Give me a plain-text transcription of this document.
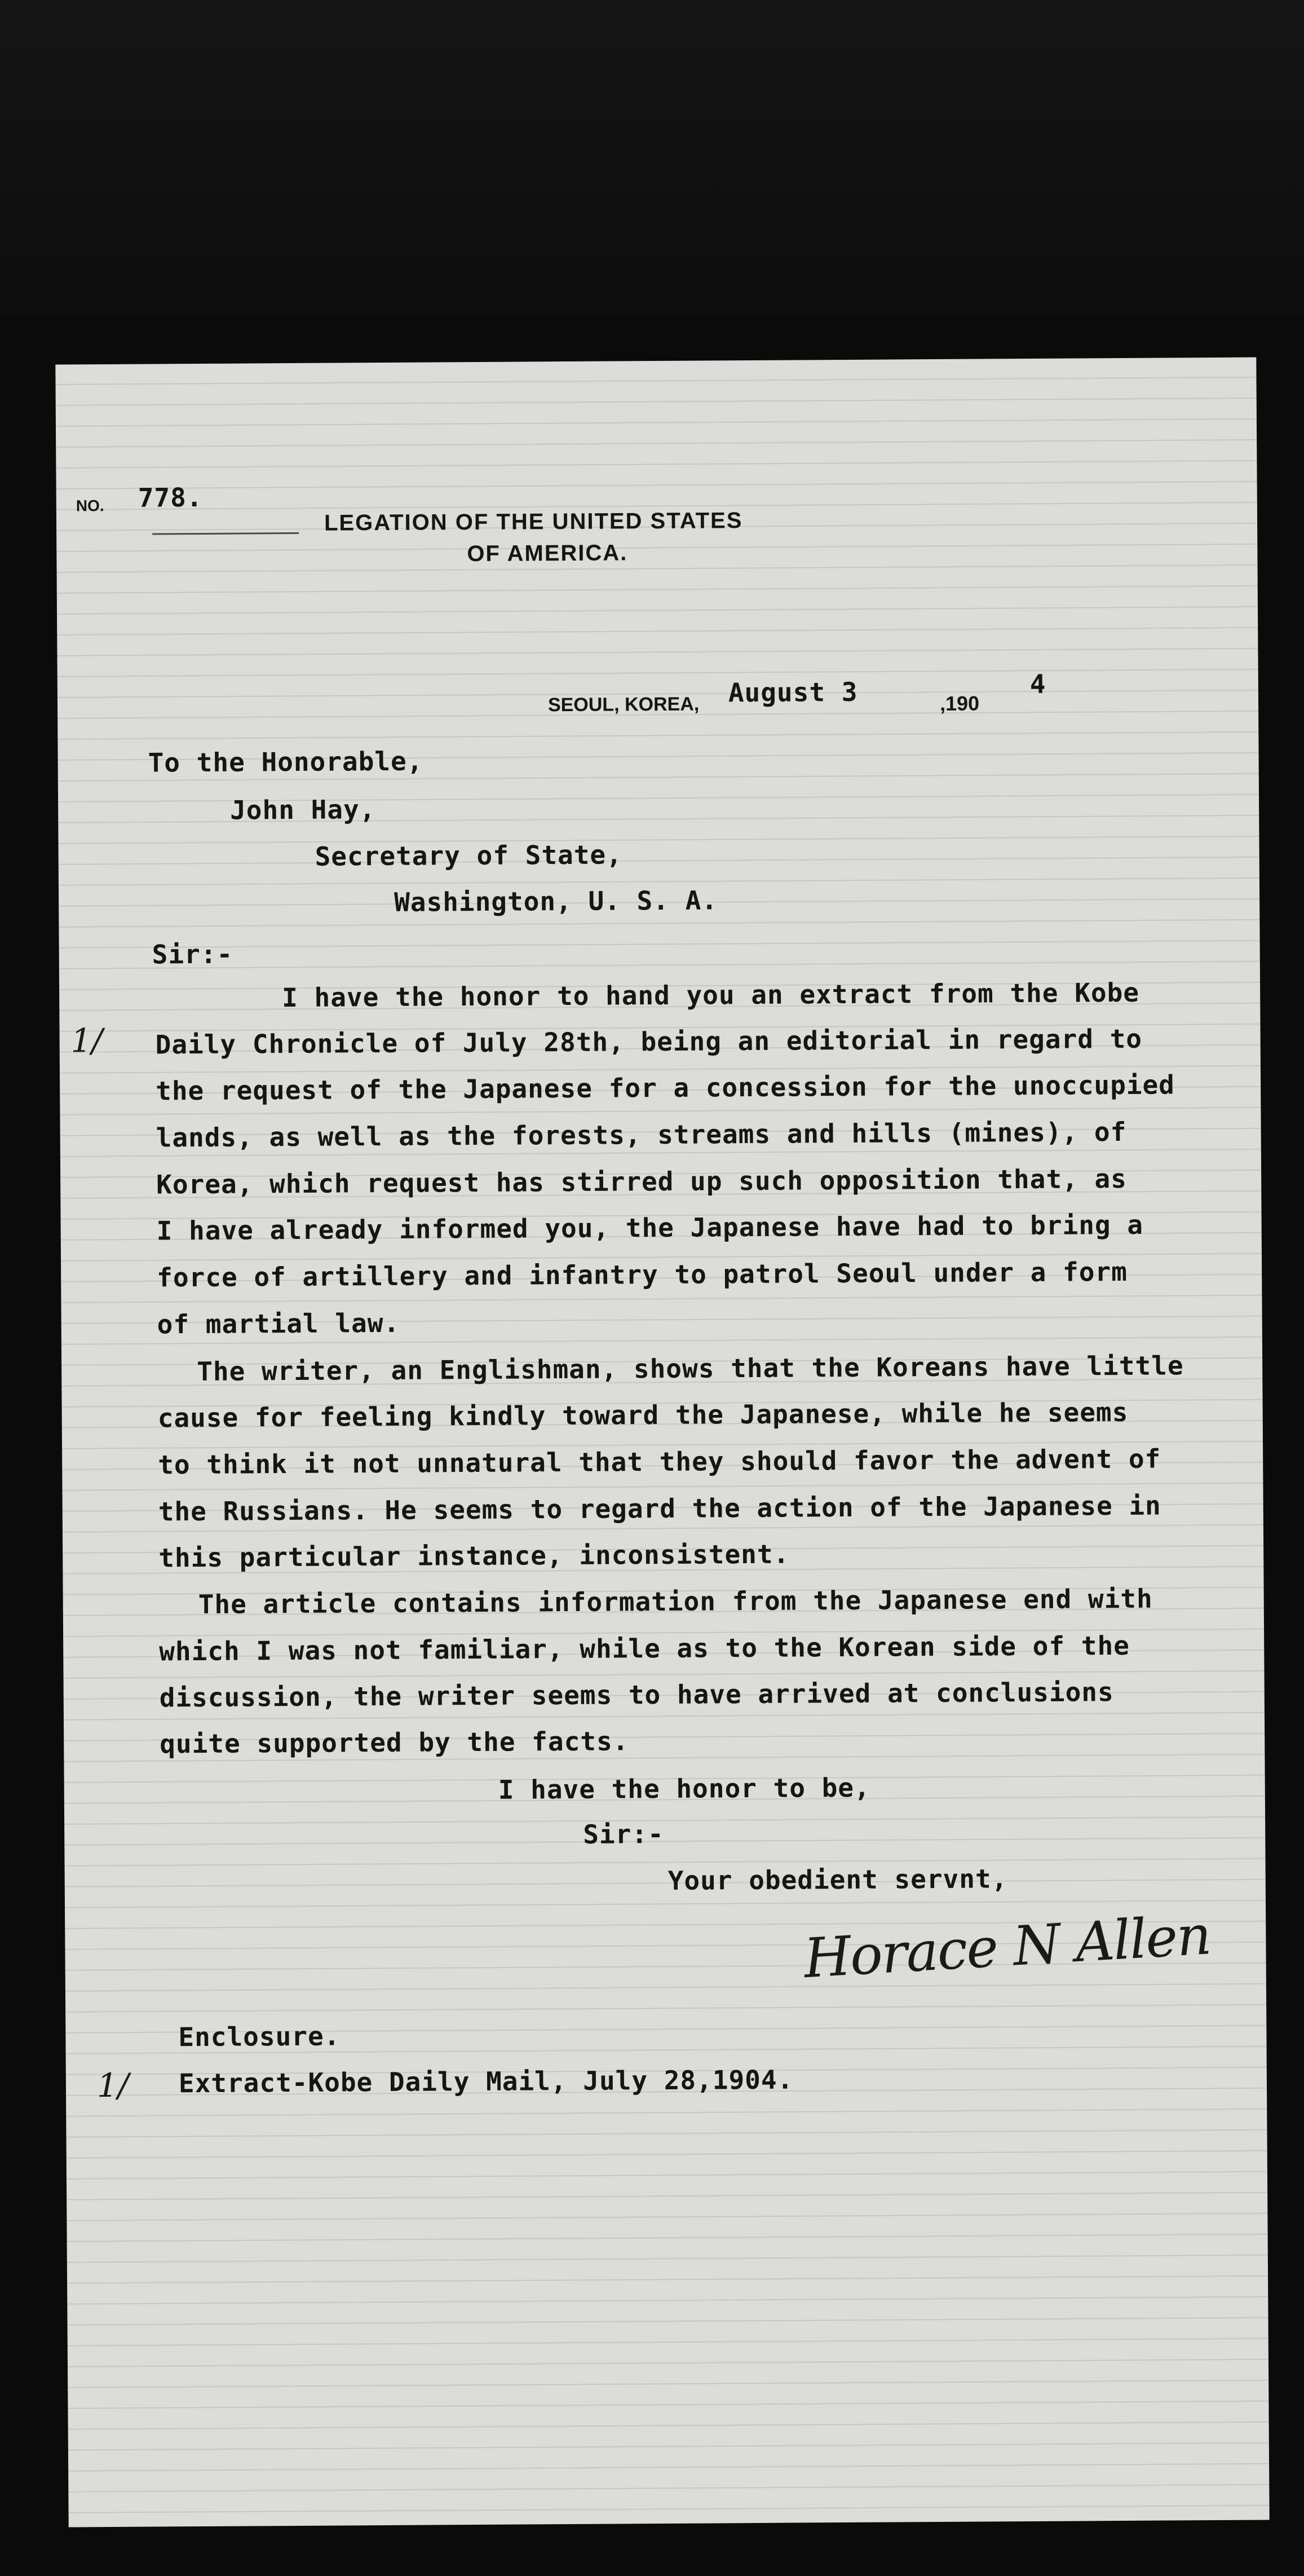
NO. 778.
LEGATION OF THE UNITED STATES
OF AMERICA.
SEOUL, KOREA, August 3	,190
4
To the Honorable,
John Hay,
Secretary of State,
Washington, U. S. A.
Sir:-
I have the honor to hand you an extract from the Kobe
Daily Chronicle of July 28th, being an editorial in regard to
the request of the Japanese for a concession for the unoccupied
lands, as well as the forests, streams and hills (mines), of
Korea, which request has stirred up such opposition that, as
I have already informed you, the Japanese have had to bring a
force of artillery and infantry to patrol Seoul under a form
of martial law.
The writer, an Englishman, shows that the Koreans have little
cause for feeling kindly toward the Japanese, while he seems
to think it not unnatural that they should favor the advent of
the Russians. He seems to regard the action of the Japanese in
this particular instance, inconsistent.
The article contains information from the Japanese end with
which I was not familiar, while as to the Korean side of the
discussion, the writer seems to have arrived at conclusions
quite supported by the facts.
1/
I have the honor to be,
Sir:-
Your obedient servnt,
Horace N Allen
Enclosure.
1/ Extract-Kobe Daily Mail, July 28,1904.
